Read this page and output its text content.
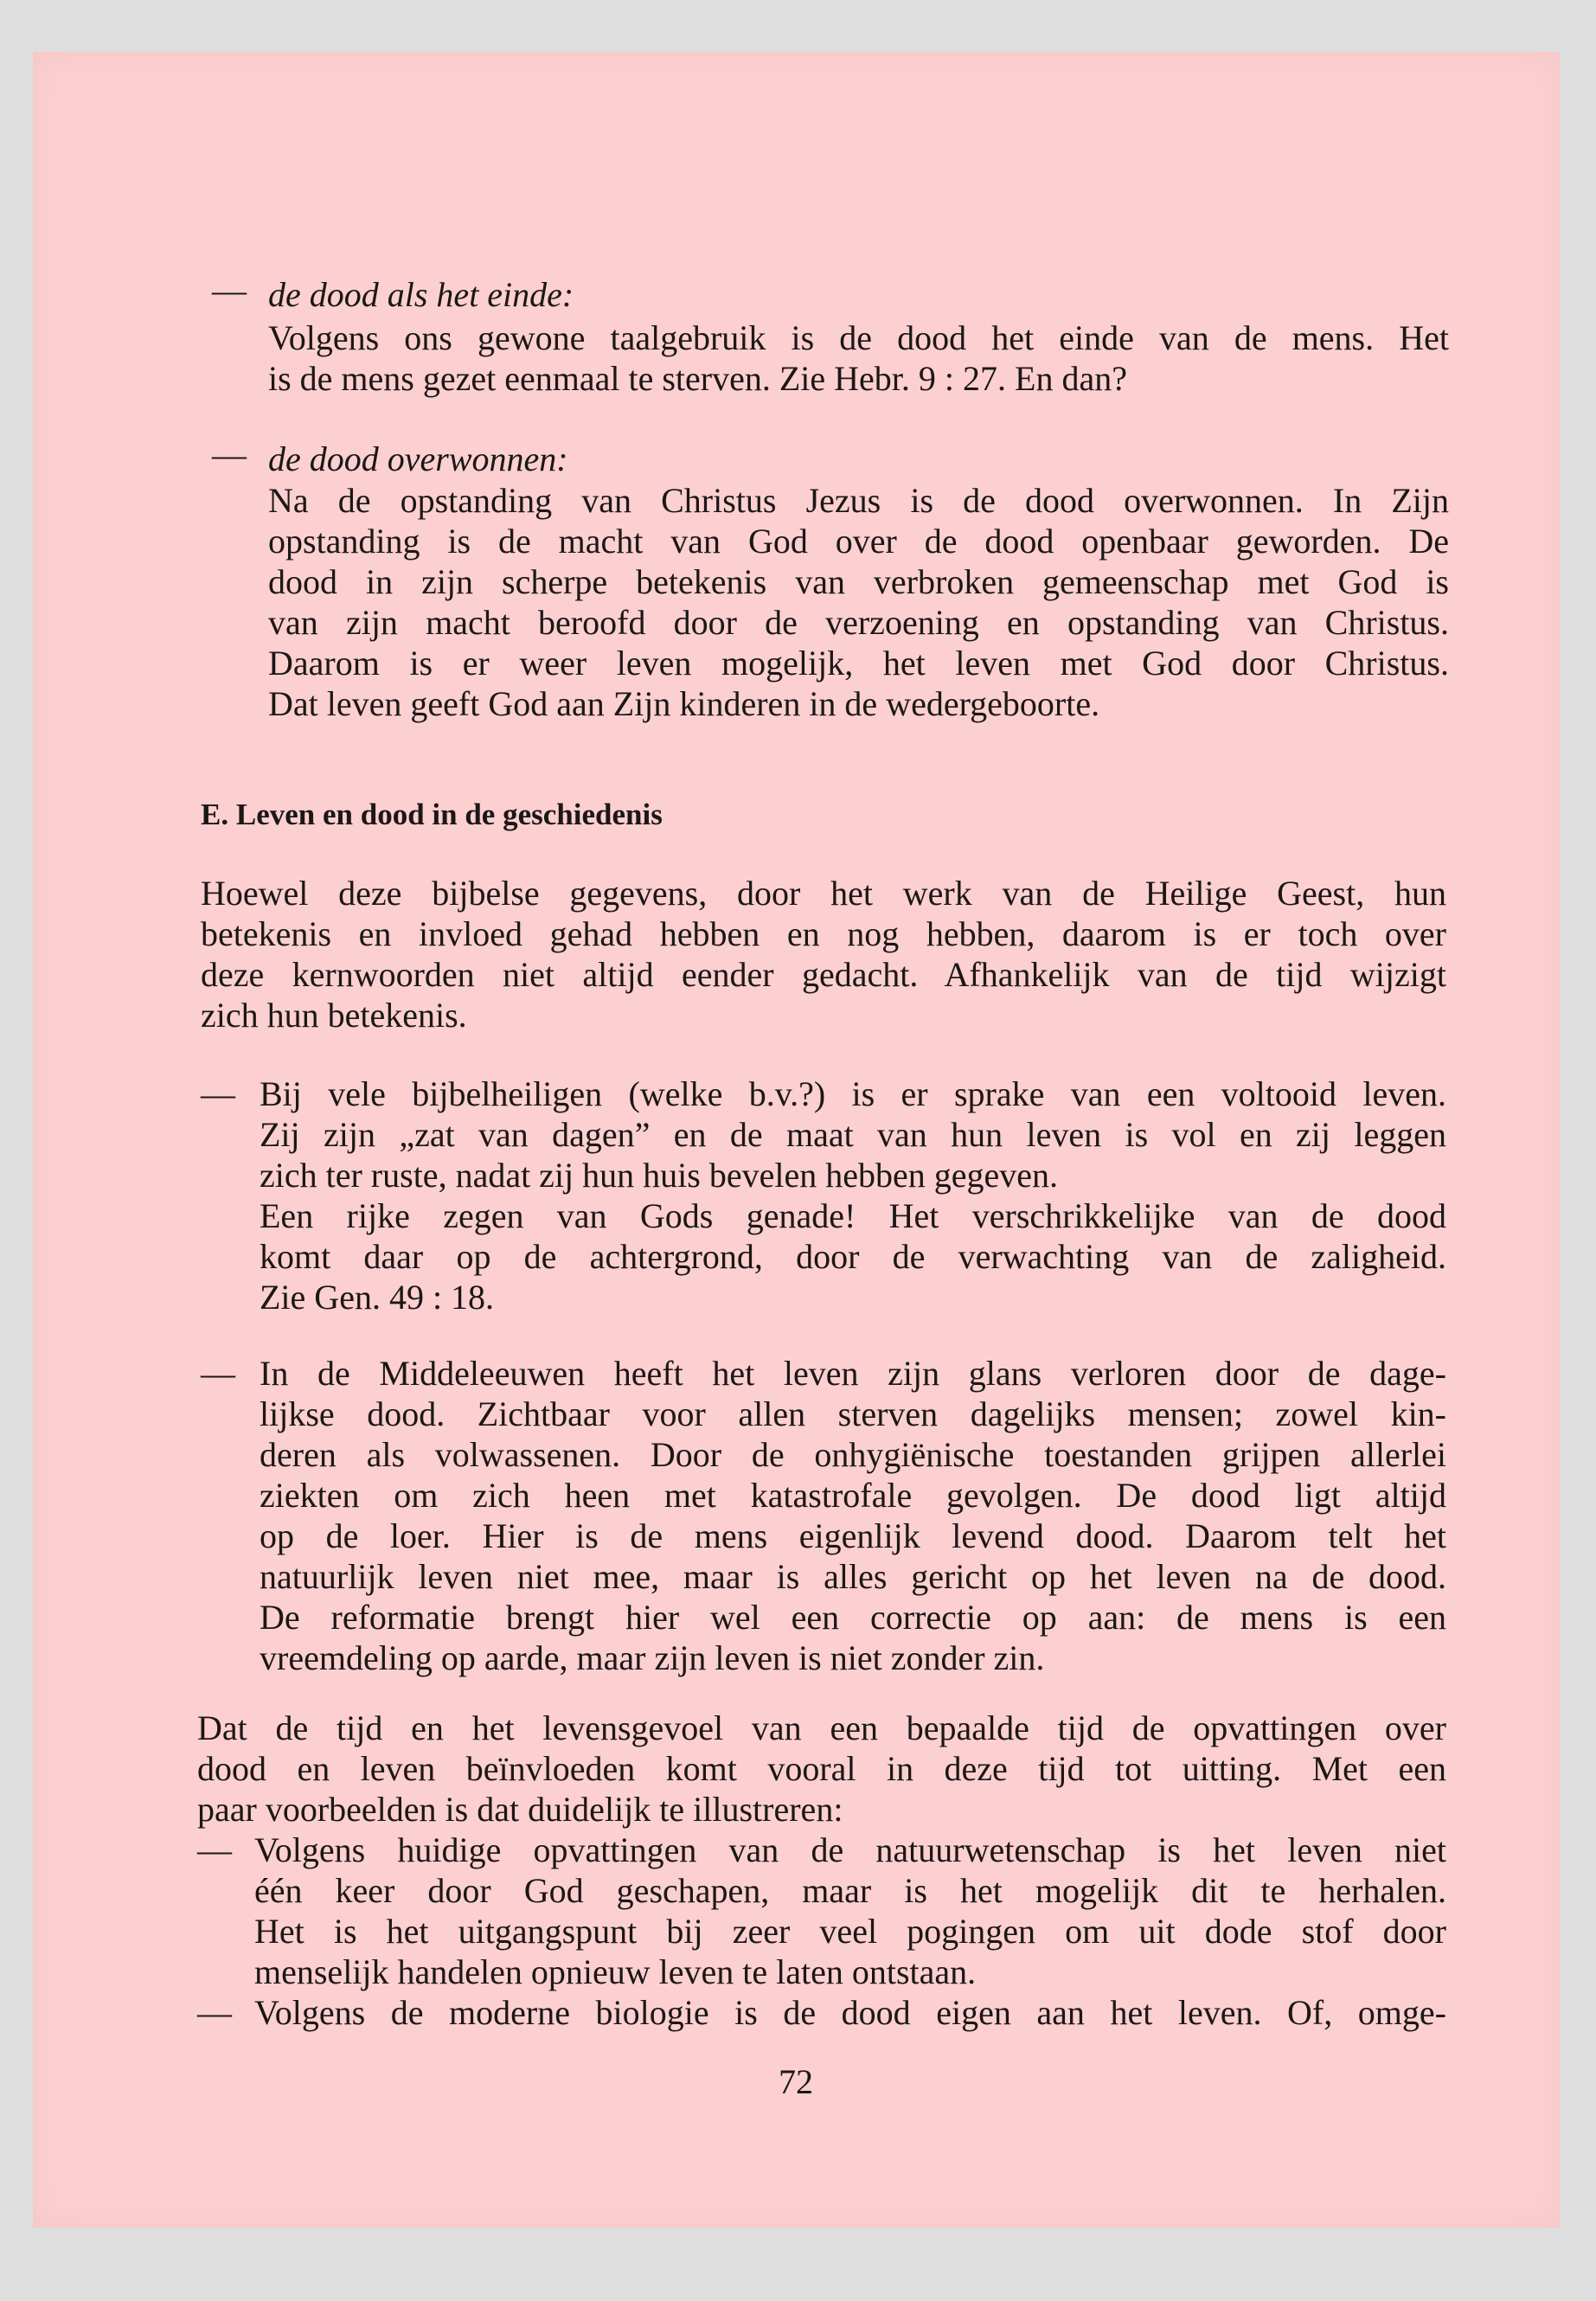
— de dood als het einde:
Volgens ons gewone taalgebruik is de dood het einde van de mens. Het
is de mens gezet eenmaal te sterven. Zie Hebr. 9 : 27. En dan?
— de dood overwonnen:
Na de opstanding van Christus Jezus is de dood overwonnen. In Zijn
opstanding is de macht van God over de dood openbaar geworden. De
dood in zijn scherpe betekenis van verbroken gemeenschap met God is
van zijn macht beroofd door de verzoening en opstanding van Christus.
Daarom is er weer leven mogelijk, het leven met God door Christus.
Dat leven geeft God aan Zijn kinderen in de wedergeboorte.
E. Leven en dood in de geschiedenis
Hoewel deze bijbelse gegevens, door het werk van de Heilige Geest, hun
betekenis en invloed gehad hebben en nog hebben, daarom is er toch over
deze kernwoorden niet altijd eender gedacht. Afhankelijk van de tijd wijzigt
zich hun betekenis.
— Bij vele bijbelheiligen (welke b.v.?) is er sprake van een voltooid leven.
Zij zijn „zat van dagen” en de maat van hun leven is vol en zij leggen
zich ter ruste, nadat zij hun huis bevelen hebben gegeven.
Een rijke zegen van Gods genade! Het verschrikkelijke van de dood
komt daar op de achtergrond, door de verwachting van de zaligheid.
Zie Gen. 49 : 18.
— In de Middeleeuwen heeft het leven zijn glans verloren door de dage-
lijkse dood. Zichtbaar voor allen sterven dagelijks mensen; zowel kin-
deren als volwassenen. Door de onhygiënische toestanden grijpen allerlei
ziekten om zich heen met katastrofale gevolgen. De dood ligt altijd
op de loer. Hier is de mens eigenlijk levend dood. Daarom telt het
natuurlijk leven niet mee, maar is alles gericht op het leven na de dood.
De reformatie brengt hier wel een correctie op aan: de mens is een
vreemdeling op aarde, maar zijn leven is niet zonder zin.
Dat de tijd en het levensgevoel van een bepaalde tijd de opvattingen over
dood en leven beïnvloeden komt vooral in deze tijd tot uitting. Met een
paar voorbeelden is dat duidelijk te illustreren:
— Volgens huidige opvattingen van de natuurwetenschap is het leven niet
één keer door God geschapen, maar is het mogelijk dit te herhalen.
Het is het uitgangspunt bij zeer veel pogingen om uit dode stof door
menselijk handelen opnieuw leven te laten ontstaan.
— Volgens de moderne biologie is de dood eigen aan het leven. Of, omge-
72
